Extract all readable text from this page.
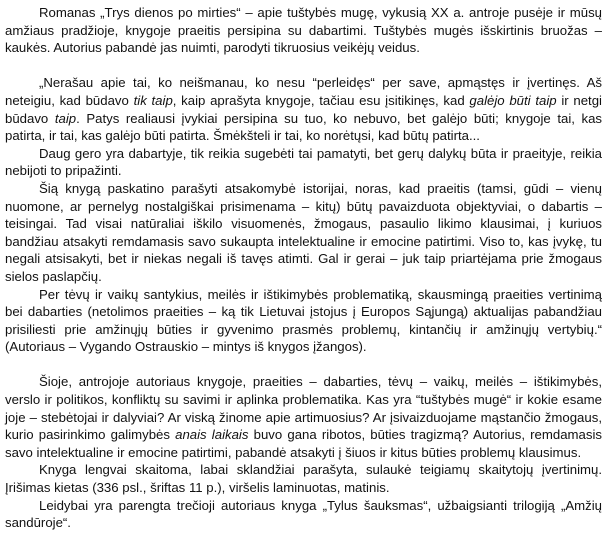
Romanas „Trys dienos po mirties“ – apie tuštybės mugę, vykusią XX a. antroje pusėje ir mūsų amžiaus pradžioje, knygoje praeitis persipina su dabartimi. Tuštybės mugės išskirtinis bruožas – kaukės. Autorius pabandė jas nuimti, parodyti tikruosius veikėjų veidus.

„Nerašau apie tai, ko neišmanau, ko nesu “perleidęs“ per save, apmąstęs ir įvertinęs. Aš neteigiu, kad būdavo tik taip, kaip aprašyta knygoje, tačiau esu įsitikinęs, kad galėjo būti taip ir netgi būdavo taip. Patys realiausi įvykiai persipina su tuo, ko nebuvo, bet galėjo būti; knygoje tai, kas patirta, ir tai, kas galėjo būti patirta. Šmėkšteli ir tai, ko norėtųsi, kad būtų patirta...

Daug gero yra dabartyje, tik reikia sugebėti tai pamatyti, bet gerų dalykų būta ir praeityje, reikia nebijoti to pripažinti.

Šią knygą paskatino parašyti atsakomybė istorijai, noras, kad praeitis (tamsi, gūdi – vienų nuomone, ar pernelyg nostalgiškai prisimenama – kitų) būtų pavaizduota objektyviai, o dabartis – teisingai. Tad visai natūraliai iškilo visuomenės, žmogaus, pasaulio likimo klausimai, į kuriuos bandžiau atsakyti remdamasis savo sukaupta intelektualine ir emocine patirtimi. Viso to, kas įvykę, tu negali atsisakyti, bet ir niekas negali iš tavęs atimti. Gal ir gerai – juk taip priartėjama prie žmogaus sielos paslapčių.

Per tėvų ir vaikų santykius, meilės ir ištikimybės problematiką, skausmingą praeities vertinimą bei dabarties (netolimos praeities – ką tik Lietuvai įstojus į Europos Sąjungą) aktualijas pabandžiau prisiliesti prie amžinųjų būties ir gyvenimo prasmės problemų, kintančių ir amžinųjų vertybių.“ (Autoriaus – Vygando Ostrauskio – mintys iš knygos įžangos).

Šioje, antrojoje autoriaus knygoje, praeities – dabarties, tėvų – vaikų, meilės – ištikimybės, verslo ir politikos, konfliktų su savimi ir aplinka problematika. Kas yra “tuštybės mugė“ ir kokie esame joje – stebėtojai ir dalyviai? Ar viską žinome apie artimuosius? Ar įsivaizduojame mąstančio žmogaus, kurio pasirinkimo galimybės anais laikais buvo gana ribotos, būties tragizmą? Autorius, remdamasis savo intelektualine ir emocine patirtimi, pabandė atsakyti į šiuos ir kitus būties problemų klausimus.

Knyga lengvai skaitoma, labai sklandžiai parašyta, sulaukė teigiamų skaitytojų įvertinimų. Įrišimas kietas (336 psl., šriftas 11 p.), viršelis laminuotas, matinis.

Leidybai yra parengta trečioji autoriaus knyga „Tylus šauksmas“, užbaigsianti trilogiją „Amžių sandūroje“.
